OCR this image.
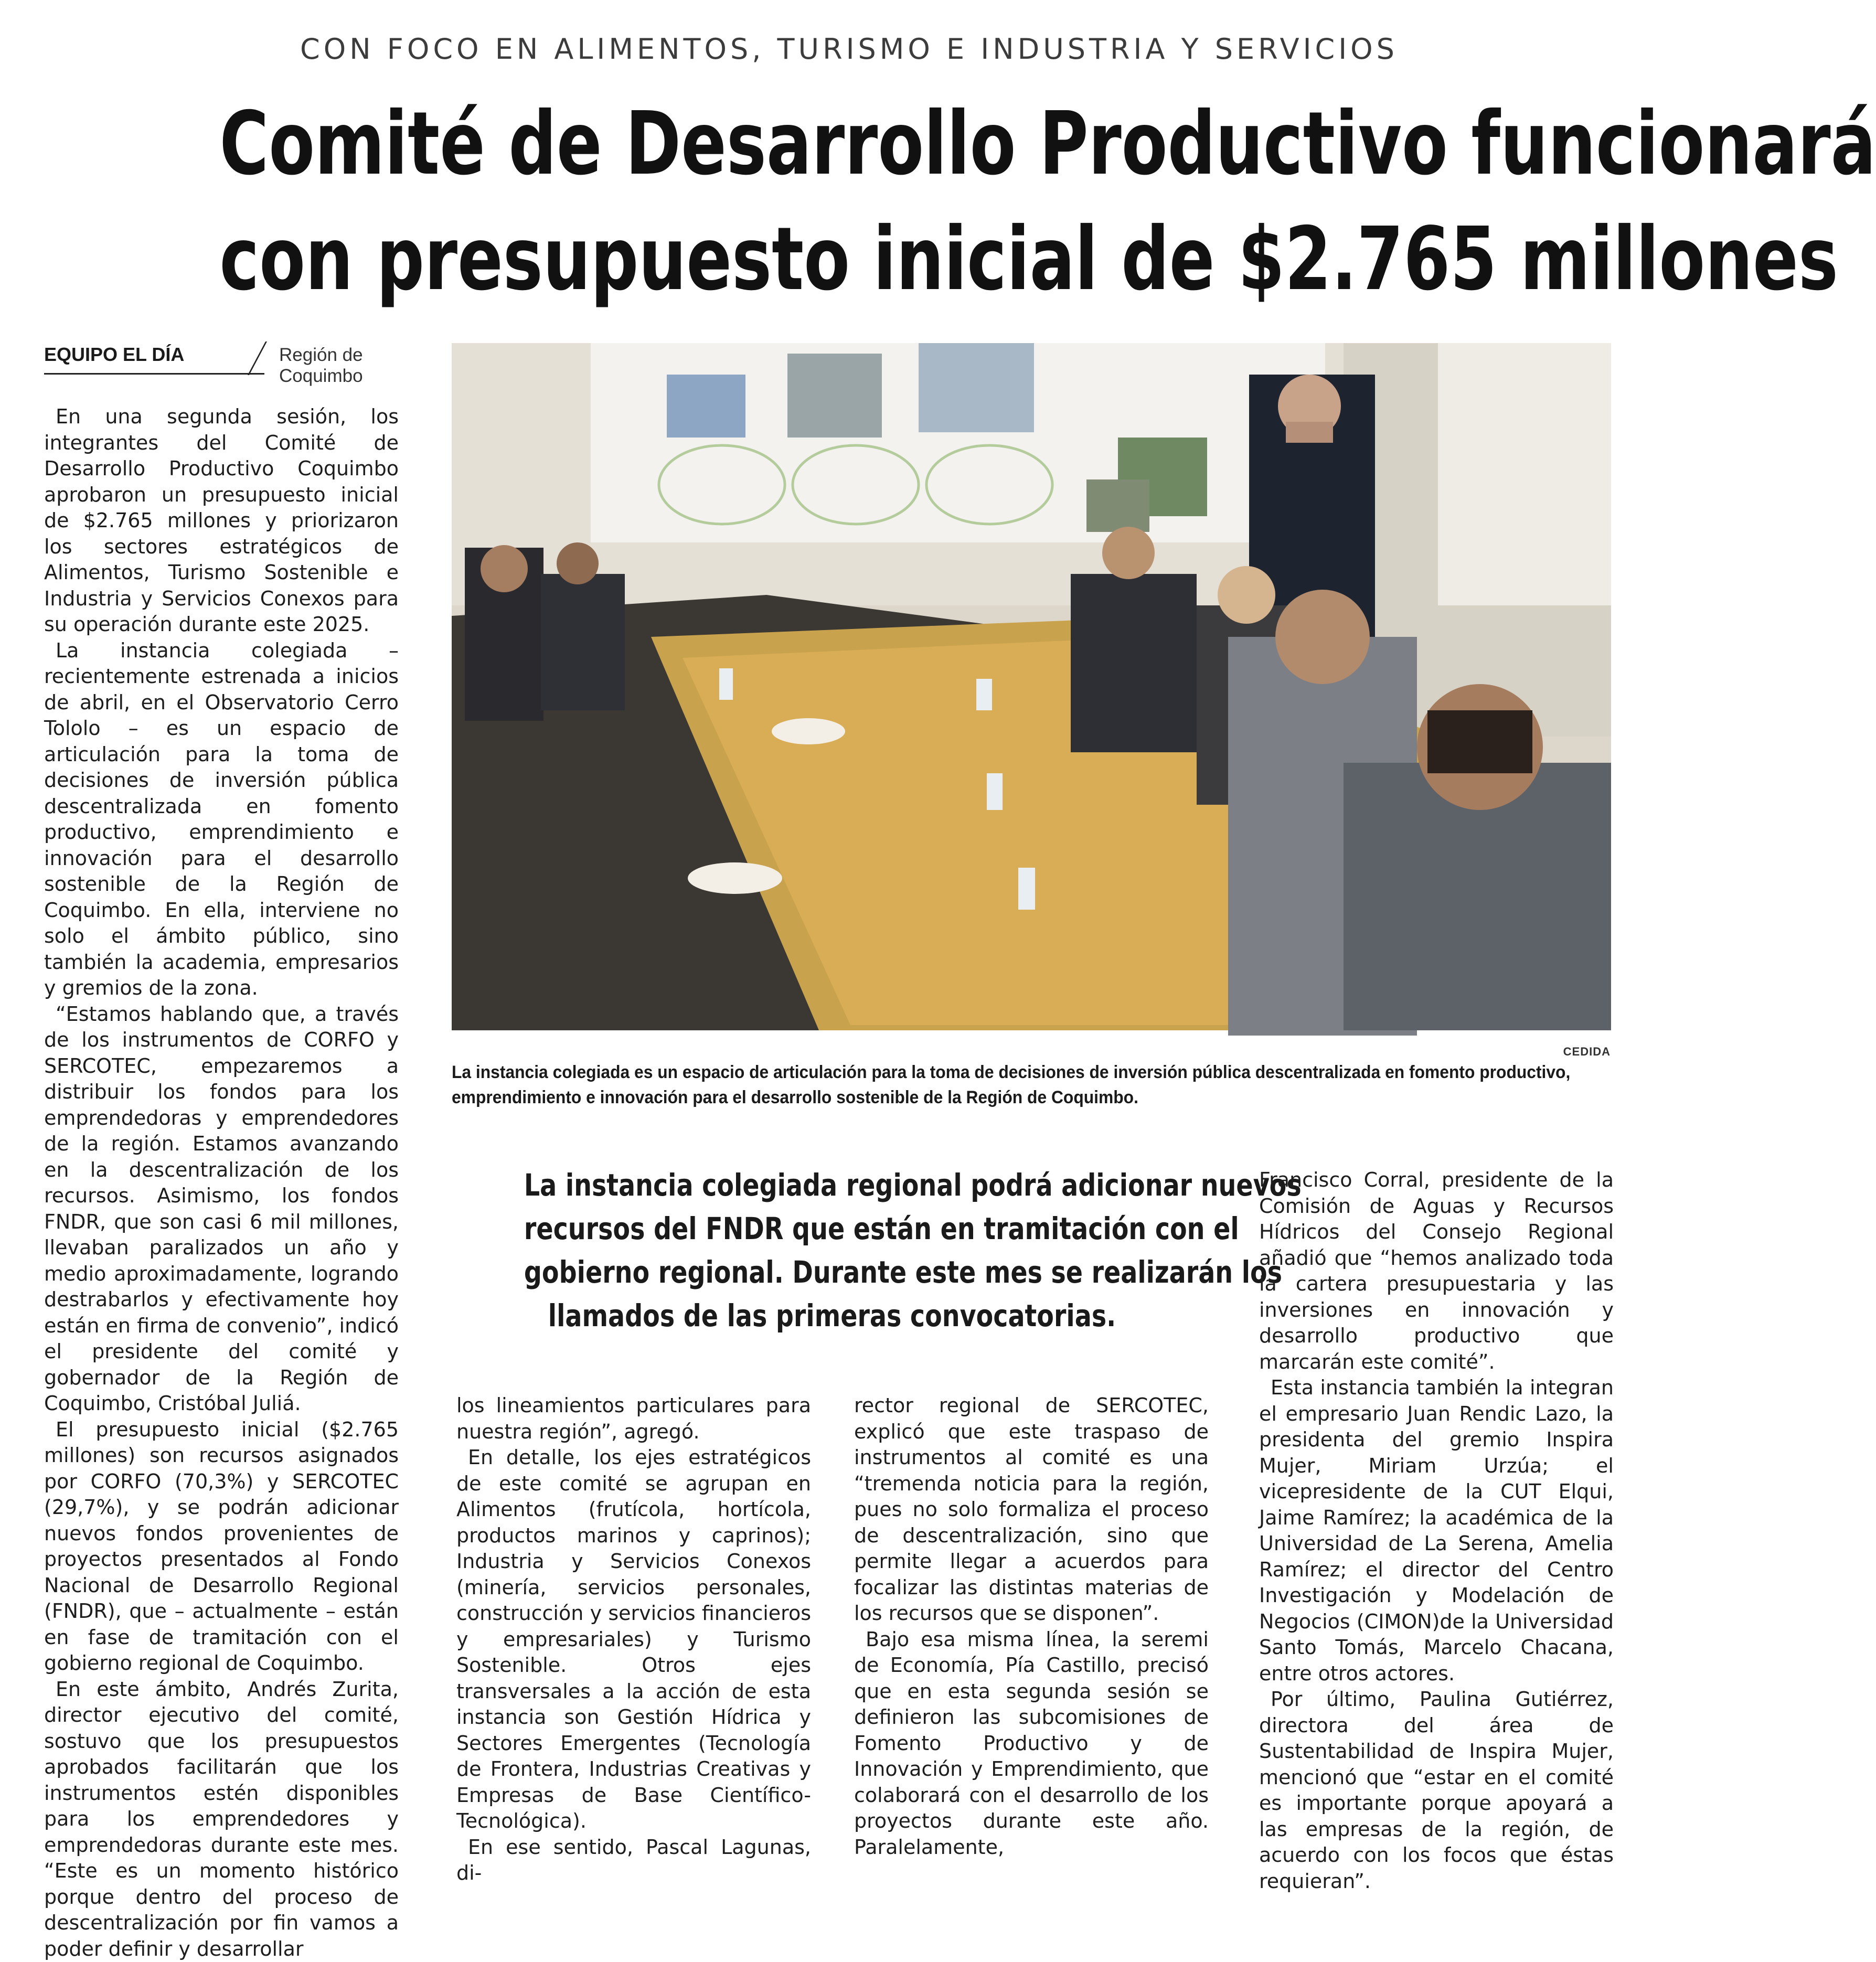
CON FOCO EN ALIMENTOS, TURISMO E INDUSTRIA Y SERVICIOS
Comité de Desarrollo Productivo funcionará
con presupuesto inicial de $2.765 millones
EQUIPO EL DÍA	Región de Coquimbo

En una segunda sesión, los integrantes del Comité de Desarrollo Productivo Coquimbo aprobaron un presupuesto inicial de $2.765 millones y priorizaron los sectores estratégicos de Alimentos, Turismo Sostenible e Industria y Servicios Conexos para su operación durante este 2025.

La instancia colegiada – recientemente estrenada a inicios de abril, en el Observatorio Cerro Tololo – es un espacio de articulación para la toma de decisiones de inversión pública descentralizada en fomento productivo, emprendimiento e innovación para el desarrollo sostenible de la Región de Coquimbo. En ella, interviene no solo el ámbito público, sino también la academia, empresarios y gremios de la zona.

“Estamos hablando que, a través de los instrumentos de CORFO y SERCOTEC, empezaremos a distribuir los fondos para los emprendedoras y emprendedores de la región. Estamos avanzando en la descentralización de los recursos. Asimismo, los fondos FNDR, que son casi 6 mil millones, llevaban paralizados un año y medio aproximadamente, logrando destrabarlos y efectivamente hoy están en firma de convenio”, indicó el presidente del comité y gobernador de la Región de Coquimbo, Cristóbal Juliá.

El presupuesto inicial ($2.765 millones) son recursos asignados por CORFO (70,3%) y SERCOTEC (29,7%), y se podrán adicionar nuevos fondos provenientes de proyectos presentados al Fondo Nacional de Desarrollo Regional (FNDR), que – actualmente – están en fase de tramitación con el gobierno regional de Coquimbo.

En este ámbito, Andrés Zurita, director ejecutivo del comité, sostuvo que los presupuestos aprobados facilitarán que los instrumentos estén disponibles para los emprendedores y emprendedoras durante este mes. “Este es un momento histórico porque dentro del proceso de descentralización por fin vamos a poder definir y desarrollar

CEDIDA
La instancia colegiada es un espacio de articulación para la toma de decisiones de inversión pública descentralizada en fomento productivo,
emprendimiento e innovación para el desarrollo sostenible de la Región de Coquimbo.
La instancia colegiada regional podrá adicionar nuevos
recursos del FNDR que están en tramitación con el
gobierno regional. Durante este mes se realizarán los
llamados de las primeras convocatorias.

los lineamientos particulares para nuestra región”, agregó.

En detalle, los ejes estratégicos de este comité se agrupan en Alimentos (frutícola, hortícola, productos marinos y caprinos); Industria y Servicios Conexos (minería, servicios personales, construcción y servicios financieros y empresariales) y Turismo Sostenible. Otros ejes transversales a la acción de esta instancia son Gestión Hídrica y Sectores Emergentes (Tecnología de Frontera, Industrias Creativas y Empresas de Base Científico-Tecnológica).

En ese sentido, Pascal Lagunas, di-

rector regional de SERCOTEC, explicó que este traspaso de instrumentos al comité es una “tremenda noticia para la región, pues no solo formaliza el proceso de descentralización, sino que permite llegar a acuerdos para focalizar las distintas materias de los recursos que se disponen”.

Bajo esa misma línea, la seremi de Economía, Pía Castillo, precisó que en esta segunda sesión se definieron las subcomisiones de Fomento Productivo y de Innovación y Emprendimiento, que colaborará con el desarrollo de los proyectos durante este año. Paralelamente,

Francisco Corral, presidente de la Comisión de Aguas y Recursos Hídricos del Consejo Regional añadió que “hemos analizado toda la cartera presupuestaria y las inversiones en innovación y desarrollo productivo que marcarán este comité”.

Esta instancia también la integran el empresario Juan Rendic Lazo, la presidenta del gremio Inspira Mujer, Miriam Urzúa; el vicepresidente de la CUT Elqui, Jaime Ramírez; la académica de la Universidad de La Serena, Amelia Ramírez; el director del Centro Investigación y Modelación de Negocios (CIMON)de la Universidad Santo Tomás, Marcelo Chacana, entre otros actores.

Por último, Paulina Gutiérrez, directora del área de Sustentabilidad de Inspira Mujer, mencionó que “estar en el comité es importante porque apoyará a las empresas de la región, de acuerdo con los focos que éstas requieran”.
